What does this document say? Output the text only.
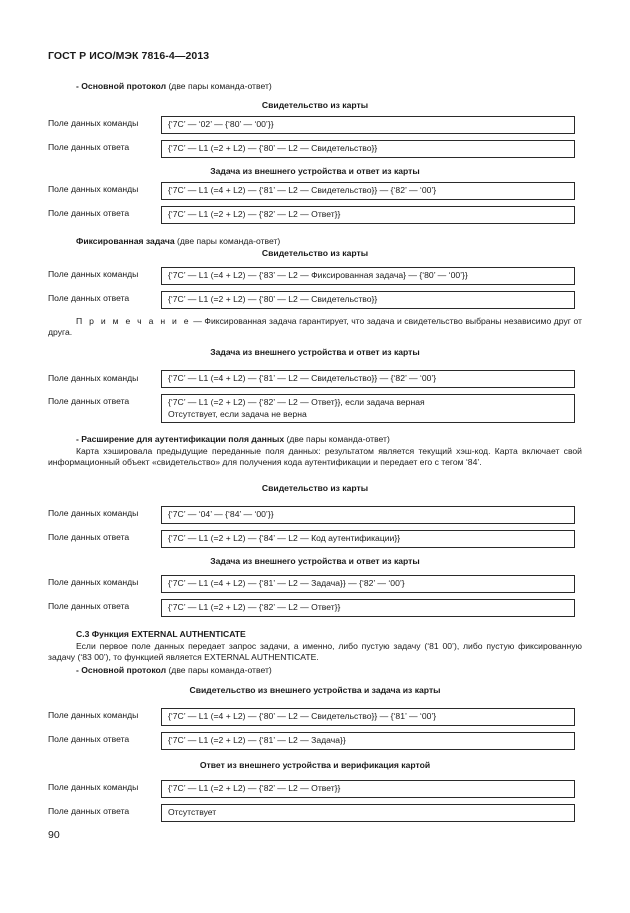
ГОСТ Р ИСО/МЭК 7816-4—2013
- Основной протокол (две пары команда-ответ)
Свидетельство из карты
Поле данных команды	{‘7C’ — ‘02’ — {‘80’ — ‘00’}}
Поле данных ответа	{‘7C’ — L1 (=2 + L2) — {‘80’ — L2 — Свидетельство}}
Задача из внешнего устройства и ответ из карты
Поле данных команды	{‘7C’ — L1 (=4 + L2) — {‘81’ — L2 — Свидетельство}} — {‘82’ — ‘00’}
Поле данных ответа	{‘7C’ — L1 (=2 + L2) — {‘82’ — L2 — Ответ}}
Фиксированная задача (две пары команда-ответ)
Свидетельство из карты
Поле данных команды	{‘7C’ — L1 (=4 + L2) — {‘83’ — L2 — Фиксированная задача} — {‘80’ — ‘00’}}
Поле данных ответа	{‘7C’ — L1 (=2 + L2) — {‘80’ — L2 — Свидетельство}}
П р и м е ч а н и е — Фиксированная задача гарантирует, что задача и свидетельство выбраны независимо друг от друга.
Задача из внешнего устройства и ответ из карты
Поле данных команды	{‘7C’ — L1 (=4 + L2) — {‘81’ — L2 — Свидетельство}} — {‘82’ — ‘00’}
Поле данных ответа	{‘7C’ — L1 (=2 + L2) — {‘82’ — L2 — Ответ}}, если задача верная
Отсутствует, если задача не верна
- Расширение для аутентификации поля данных (две пары команда-ответ)
Карта хэшировала предыдущие переданные поля данных: результатом является текущий хэш-код. Карта включает свой информационный объект «свидетельство» для получения кода аутентификации и передает его с тегом ‘84’.
Свидетельство из карты
Поле данных команды	{‘7C’ — ‘04’ — {‘84’ — ‘00’}}
Поле данных ответа	{‘7C’ — L1 (=2 + L2) — {‘84’ — L2 — Код аутентификации}}
Задача из внешнего устройства и ответ из карты
Поле данных команды	{‘7C’ — L1 (=4 + L2) — {‘81’ — L2 — Задача}} — {‘82’ — ‘00’}
Поле данных ответа	{‘7C’ — L1 (=2 + L2) — {‘82’ — L2 — Ответ}}
С.3 Функция EXTERNAL AUTHENTICATE
Если первое поле данных передает запрос задачи, а именно, либо пустую задачу (‘81 00’), либо пустую фиксированную задачу (‘83 00’), то функцией является EXTERNAL AUTHENTICATE.
- Основной протокол (две пары команда-ответ)
Свидетельство из внешнего устройства и задача из карты
Поле данных команды	{‘7C’ — L1 (=4 + L2) — {‘80’ — L2 — Свидетельство}} — {‘81’ — ‘00’}
Поле данных ответа	{‘7C’ — L1 (=2 + L2) — {‘81’ — L2 — Задача}}
Ответ из внешнего устройства и верификация картой
Поле данных команды	{‘7C’ — L1 (=2 + L2) — {‘82’ — L2 — Ответ}}
Поле данных ответа	Отсутствует
90
